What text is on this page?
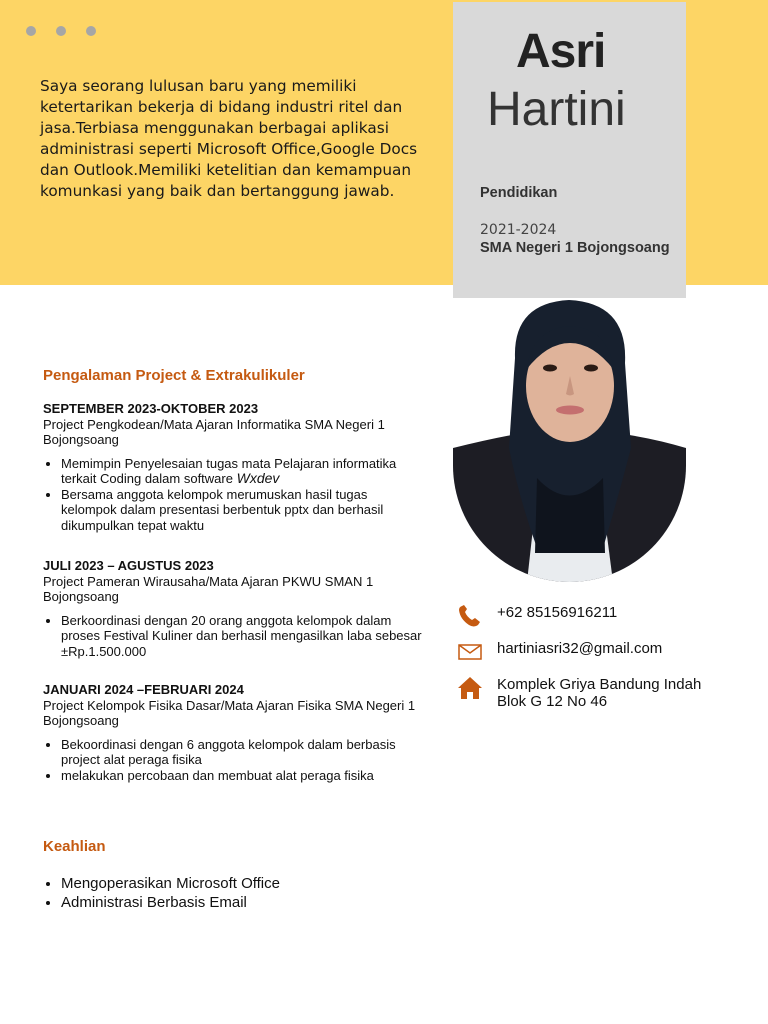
Saya seorang lulusan baru yang memiliki ketertarikan bekerja di bidang industri ritel dan jasa.Terbiasa menggunakan berbagai aplikasi administrasi seperti Microsoft Office,Google Docs dan Outlook.Memiliki ketelitian dan kemampuan komunkasi yang baik dan bertanggung jawab.

Asri
Hartini
Pendidikan
2021-2024
SMA Negeri 1 Bojongsoang
+62 85156916211
hartiniasri32@gmail.com
Komplek Griya Bandung Indah Blok G 12 No 46
Pengalaman Project & Extrakulikuler
SEPTEMBER 2023-OKTOBER 2023
Project Pengkodean/Mata Ajaran Informatika SMA Negeri 1 Bojongsoang
• Memimpin Penyelesaian tugas mata Pelajaran informatika terkait Coding dalam software Wxdev
• Bersama anggota kelompok merumuskan hasil tugas kelompok dalam presentasi berbentuk pptx dan berhasil dikumpulkan tepat waktu
JULI 2023 – AGUSTUS 2023
Project Pameran Wirausaha/Mata Ajaran PKWU SMAN 1 Bojongsoang
• Berkoordinasi dengan 20 orang anggota kelompok dalam proses Festival Kuliner dan berhasil mengasilkan laba sebesar ±Rp.1.500.000
JANUARI 2024 –FEBRUARI 2024
Project Kelompok Fisika Dasar/Mata Ajaran Fisika SMA Negeri 1 Bojongsoang
• Bekoordinasi dengan 6 anggota kelompok dalam berbasis project alat peraga fisika
• melakukan percobaan dan membuat alat peraga fisika
Keahlian
• Mengoperasikan Microsoft Office
• Administrasi Berbasis Email
